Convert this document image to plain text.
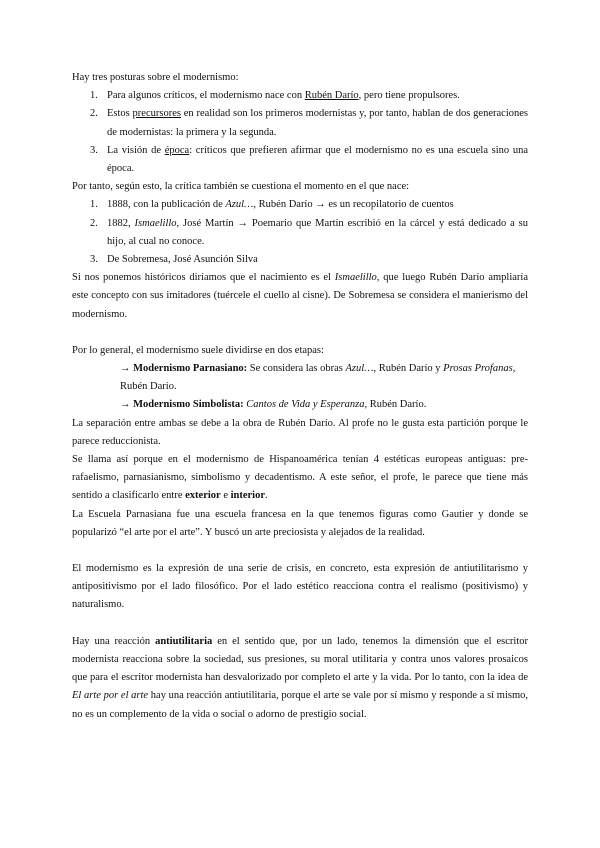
Hay tres posturas sobre el modernismo:

1. Para algunos críticos, el modernismo nace con Rubén Darío, pero tiene propulsores.
2. Estos precursores en realidad son los primeros modernistas y, por tanto, hablan de dos generaciones de modernistas: la primera y la segunda.
3. La visión de época: críticos que prefieren afirmar que el modernismo no es una escuela sino una época.

Por tanto, según esto, la crítica también se cuestiona el momento en el que nace:

1. 1888, con la publicación de Azul…, Rubén Darío → es un recopilatorio de cuentos
2. 1882, Ismaelillo, José Martín → Poemario que Martín escribió en la cárcel y está dedicado a su hijo, al cual no conoce.
3. De Sobremesa, José Asunción Silva

Si nos ponemos históricos diríamos que el nacimiento es el Ismaelillo, que luego Rubén Darío ampliaría este concepto con sus imitadores (tuércele el cuello al cisne). De Sobremesa se considera el manierismo del modernismo.

Por lo general, el modernismo suele dividirse en dos etapas:

→ Modernismo Parnasiano: Se considera las obras Azul…, Rubén Darío y Prosas Profanas, Rubén Darío.

→ Modernismo Simbolista: Cantos de Vida y Esperanza, Rubén Darío.

La separación entre ambas se debe a la obra de Rubén Darío. Al profe no le gusta esta partición porque le parece reduccionista.

Se llama así porque en el modernismo de Hispanoamérica tenían 4 estéticas europeas antiguas: pre-rafaelismo, parnasianismo, simbolismo y decadentismo. A este señor, el profe, le parece que tiene más sentido a clasificarlo entre exterior e interior.

La Escuela Parnasiana fue una escuela francesa en la que tenemos figuras como Gautier y donde se popularizó “el arte por el arte”. Y buscó un arte preciosista y alejados de la realidad.

El modernismo es la expresión de una serie de crisis, en concreto, esta expresión de antiutilitarismo y antipositivismo por el lado filosófico. Por el lado estético reacciona contra el realismo (positivismo) y naturalismo.

Hay una reacción antiutilitaria en el sentido que, por un lado, tenemos la dimensión que el escritor modernista reacciona sobre la sociedad, sus presiones, su moral utilitaria y contra unos valores prosaicos que para el escritor modernista han desvalorizado por completo el arte y la vida. Por lo tanto, con la idea de El arte por el arte hay una reacción antiutilitaria, porque el arte se vale por sí mismo y responde a sí mismo, no es un complemento de la vida o social o adorno de prestigio social.
